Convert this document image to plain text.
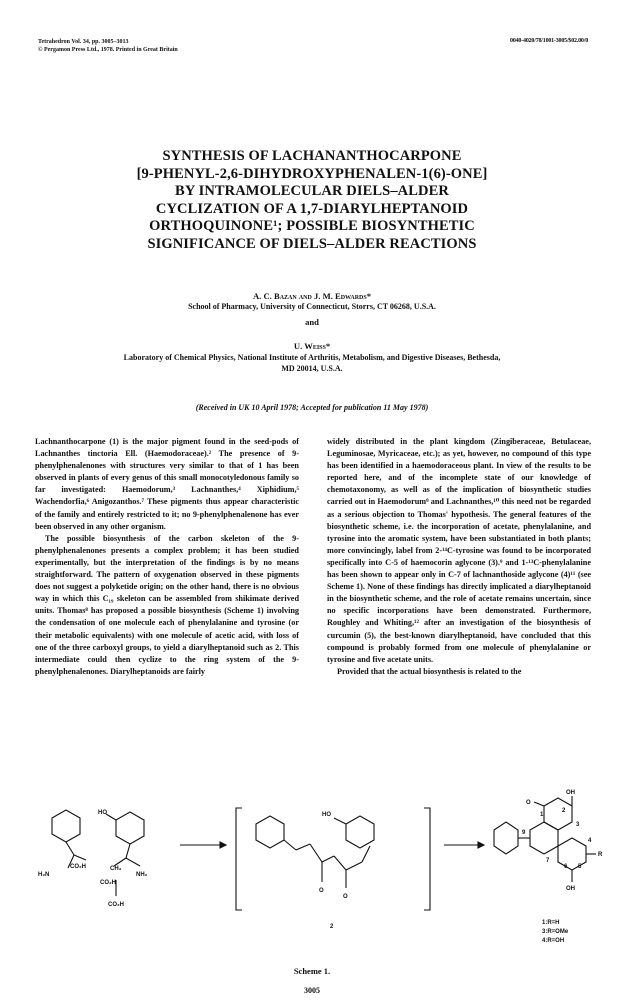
Tetrahedron Vol. 34, pp. 3005–3013
© Pergamon Press Ltd., 1978. Printed in Great Britain
0040-4020/78/1001-3005/$02.00/0
SYNTHESIS OF LACHANANTHOCARPONE
[9-PHENYL-2,6-DIHYDROXYPHENALEN-1(6)-ONE]
BY INTRAMOLECULAR DIELS–ALDER
CYCLIZATION OF A 1,7-DIARYLHEPTANOID
ORTHOQUINONE¹; POSSIBLE BIOSYNTHETIC
SIGNIFICANCE OF DIELS–ALDER REACTIONS
A. C. Bazan and J. M. Edwards*
School of Pharmacy, University of Connecticut, Storrs, CT 06268, U.S.A.
and
U. Weiss*
Laboratory of Chemical Physics, National Institute of Arthritis, Metabolism, and Digestive Diseases, Bethesda,
MD 20014, U.S.A.
(Received in UK 10 April 1978; Accepted for publication 11 May 1978)

Lachnanthocarpone (1) is the major pigment found in the seed-pods of Lachnanthes tinctoria Ell. (Haemodoraceae).² The presence of 9-phenylphenalenones with structures very similar to that of 1 has been observed in plants of every genus of this small monocotyledonous family so far investigated: Haemodorum,³ Lachnanthes,⁴ Xiphidium,⁵ Wachendorfia,⁶ Anigozanthos.⁷ These pigments thus appear characteristic of the family and entirely restricted to it; no 9-phenylphenalenone has ever been observed in any other organism.

The possible biosynthesis of the carbon skeleton of the 9-phenylphenalenones presents a complex problem; it has been studied experimentally, but the interpretation of the findings is by no means straightforward. The pattern of oxygenation observed in these pigments does not suggest a polyketide origin; on the other hand, there is no obvious way in which this C₁₉ skeleton can be assembled from shikimate derived units. Thomas⁸ has proposed a possible biosynthesis (Scheme 1) involving the condensation of one molecule each of phenylalanine and tyrosine (or their metabolic equivalents) with one molecule of acetic acid, with loss of one of the three carboxyl groups, to yield a diarylheptanoid such as 2. This intermediate could then cyclize to the ring system of the 9-phenylphenalenones. Diarylheptanoids are fairly

widely distributed in the plant kingdom (Zingiberaceae, Betulaceae, Leguminosae, Myricaceae, etc.); as yet, however, no compound of this type has been identified in a haemodoraceous plant. In view of the results to be reported here, and of the incomplete state of our knowledge of chemotaxonomy, as well as of the implication of biosynthetic studies carried out in Haemodorum⁹ and Lachnanthes,¹⁰ this need not be regarded as a serious objection to Thomas' hypothesis. The general features of the biosynthetic scheme, i.e. the incorporation of acetate, phenylalanine, and tyrosine into the aromatic system, have been substantiated in both plants; more convincingly, label from 2-¹⁴C-tyrosine was found to be incorporated specifically into C-5 of haemocorin aglycone (3).⁹ and 1-¹³C-phenylalanine has been shown to appear only in C-7 of lachnanthoside aglycone (4)¹¹ (see Scheme 1). None of these findings has directly implicated a diarylheptanoid in the biosynthetic scheme, and the role of acetate remains uncertain, since no specific incorporations have been demonstrated. Furthermore, Roughley and Whiting,¹² after an investigation of the biosynthesis of curcumin (5), the best-known diarylheptanoid, have concluded that this compound is probably formed from one molecule of phenylalanine or tyrosine and five acetate units.

Provided that the actual biosynthesis is related to the

HO
H₂N
CO₂H	CH₃
CO₂H
NH₂
CO₂H
HO
O
O
2
OH
O
1
2
3
4
5
6
7
9
R
OH
1:R=H
3:R=OMe
4:R=OH
Scheme 1.
3005
